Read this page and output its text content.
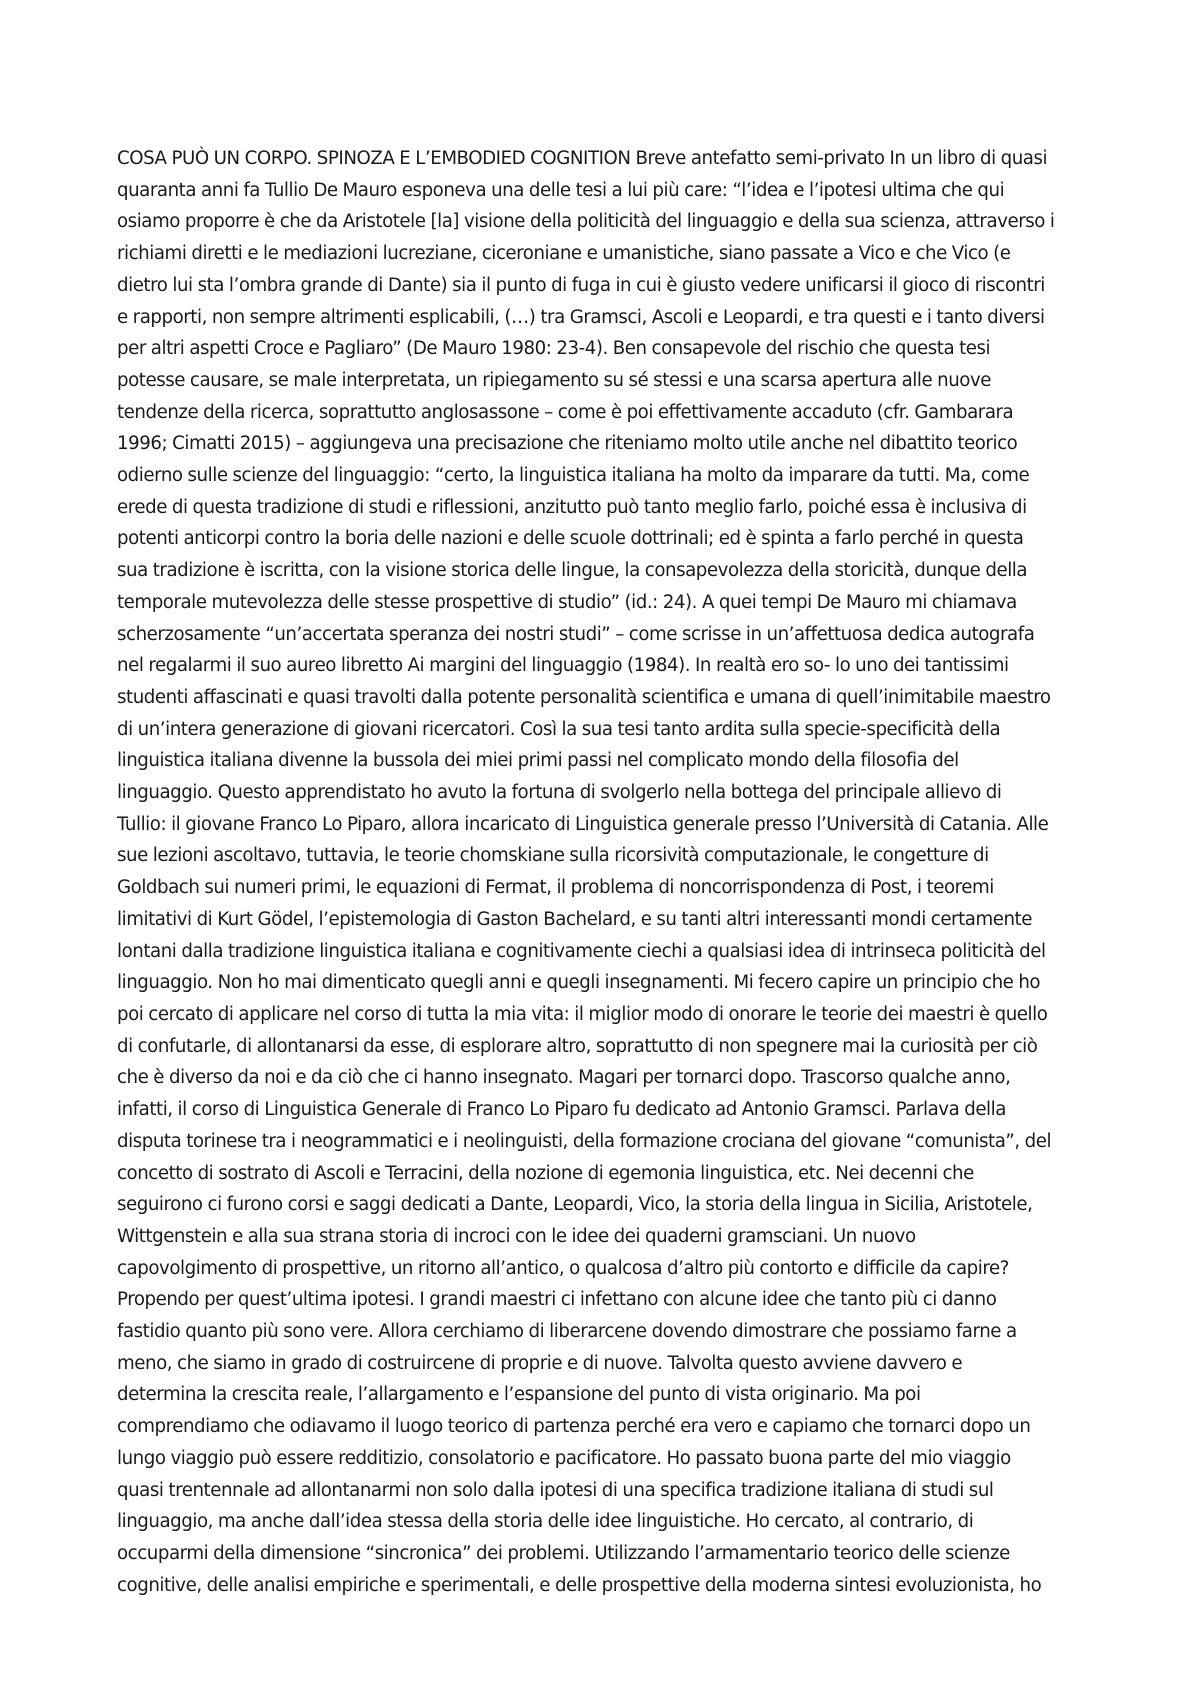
COSA PUÒ UN CORPO. SPINOZA E L’EMBODIED COGNITION Breve antefatto semi-privato In un libro di quasi
quaranta anni fa Tullio De Mauro esponeva una delle tesi a lui più care: “l’idea e l’ipotesi ultima che qui
osiamo proporre è che da Aristotele [la] visione della politicità del linguaggio e della sua scienza, attraverso i
richiami diretti e le mediazioni lucreziane, ciceroniane e umanistiche, siano passate a Vico e che Vico (e
dietro lui sta l’ombra grande di Dante) sia il punto di fuga in cui è giusto vedere unificarsi il gioco di riscontri
e rapporti, non sempre altrimenti esplicabili, (…) tra Gramsci, Ascoli e Leopardi, e tra questi e i tanto diversi
per altri aspetti Croce e Pagliaro” (De Mauro 1980: 23-4). Ben consapevole del rischio che questa tesi
potesse causare, se male interpretata, un ripiegamento su sé stessi e una scarsa apertura alle nuove
tendenze della ricerca, soprattutto anglosassone – come è poi effettivamente accaduto (cfr. Gambarara
1996; Cimatti 2015) – aggiungeva una precisazione che riteniamo molto utile anche nel dibattito teorico
odierno sulle scienze del linguaggio: “certo, la linguistica italiana ha molto da imparare da tutti. Ma, come
erede di questa tradizione di studi e riflessioni, anzitutto può tanto meglio farlo, poiché essa è inclusiva di
potenti anticorpi contro la boria delle nazioni e delle scuole dottrinali; ed è spinta a farlo perché in questa
sua tradizione è iscritta, con la visione storica delle lingue, la consapevolezza della storicità, dunque della
temporale mutevolezza delle stesse prospettive di studio” (id.: 24). A quei tempi De Mauro mi chiamava
scherzosamente “un’accertata speranza dei nostri studi” – come scrisse in un’affettuosa dedica autografa
nel regalarmi il suo aureo libretto Ai margini del linguaggio (1984). In realtà ero so- lo uno dei tantissimi
studenti affascinati e quasi travolti dalla potente personalità scientifica e umana di quell’inimitabile maestro
di un’intera generazione di giovani ricercatori. Così la sua tesi tanto ardita sulla specie-specificità della
linguistica italiana divenne la bussola dei miei primi passi nel complicato mondo della filosofia del
linguaggio. Questo apprendistato ho avuto la fortuna di svolgerlo nella bottega del principale allievo di
Tullio: il giovane Franco Lo Piparo, allora incaricato di Linguistica generale presso l’Università di Catania. Alle
sue lezioni ascoltavo, tuttavia, le teorie chomskiane sulla ricorsività computazionale, le congetture di
Goldbach sui numeri primi, le equazioni di Fermat, il problema di noncorrispondenza di Post, i teoremi
limitativi di Kurt Gödel, l’epistemologia di Gaston Bachelard, e su tanti altri interessanti mondi certamente
lontani dalla tradizione linguistica italiana e cognitivamente ciechi a qualsiasi idea di intrinseca politicità del
linguaggio. Non ho mai dimenticato quegli anni e quegli insegnamenti. Mi fecero capire un principio che ho
poi cercato di applicare nel corso di tutta la mia vita: il miglior modo di onorare le teorie dei maestri è quello
di confutarle, di allontanarsi da esse, di esplorare altro, soprattutto di non spegnere mai la curiosità per ciò
che è diverso da noi e da ciò che ci hanno insegnato. Magari per tornarci dopo. Trascorso qualche anno,
infatti, il corso di Linguistica Generale di Franco Lo Piparo fu dedicato ad Antonio Gramsci. Parlava della
disputa torinese tra i neogrammatici e i neolinguisti, della formazione crociana del giovane “comunista”, del
concetto di sostrato di Ascoli e Terracini, della nozione di egemonia linguistica, etc. Nei decenni che
seguirono ci furono corsi e saggi dedicati a Dante, Leopardi, Vico, la storia della lingua in Sicilia, Aristotele,
Wittgenstein e alla sua strana storia di incroci con le idee dei quaderni gramsciani. Un nuovo
capovolgimento di prospettive, un ritorno all’antico, o qualcosa d’altro più contorto e difficile da capire?
Propendo per quest’ultima ipotesi. I grandi maestri ci infettano con alcune idee che tanto più ci danno
fastidio quanto più sono vere. Allora cerchiamo di liberarcene dovendo dimostrare che possiamo farne a
meno, che siamo in grado di costruircene di proprie e di nuove. Talvolta questo avviene davvero e
determina la crescita reale, l’allargamento e l’espansione del punto di vista originario. Ma poi
comprendiamo che odiavamo il luogo teorico di partenza perché era vero e capiamo che tornarci dopo un
lungo viaggio può essere redditizio, consolatorio e pacificatore. Ho passato buona parte del mio viaggio
quasi trentennale ad allontanarmi non solo dalla ipotesi di una specifica tradizione italiana di studi sul
linguaggio, ma anche dall’idea stessa della storia delle idee linguistiche. Ho cercato, al contrario, di
occuparmi della dimensione “sincronica” dei problemi. Utilizzando l’armamentario teorico delle scienze
cognitive, delle analisi empiriche e sperimentali, e delle prospettive della moderna sintesi evoluzionista, ho
